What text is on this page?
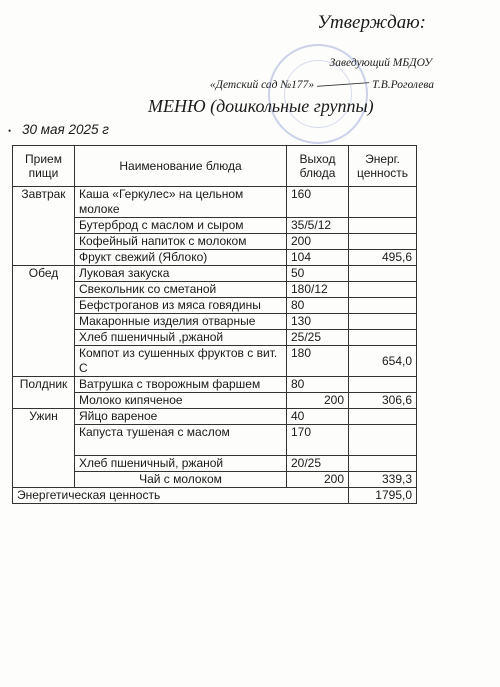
Утверждаю:
Заведующий МБДОУ
«Детский сад №177»	Т.В.Роголева
МЕНЮ (дошкольные группы)
• 30 мая 2025 г
Прием пищи	Наименование блюда	Выход блюда	Энерг. ценность
Завтрак	Каша «Геркулес» на цельном молоке	160	
	Бутерброд с маслом и сыром	35/5/12	
	Кофейный напиток с молоком	200	
	Фрукт свежий (Яблоко)	104	495,6
Обед	Луковая закуска	50	
	Свекольник со сметаной	180/12	
	Бефстроганов из мяса говядины	80	
	Макаронные изделия отварные	130	
	Хлеб пшеничный ,ржаной	25/25	
	Компот из сушенных фруктов с вит. С	180	654,0
Полдник	Ватрушка с творожным фаршем	80	
	Молоко кипяченое	200	306,6
Ужин	Яйцо вареное	40	
	Капуста тушеная с маслом	170	
	Хлеб пшеничный, ржаной	20/25	
	Чай с молоком	200	339,3
Энергетическая ценность			1795,0
